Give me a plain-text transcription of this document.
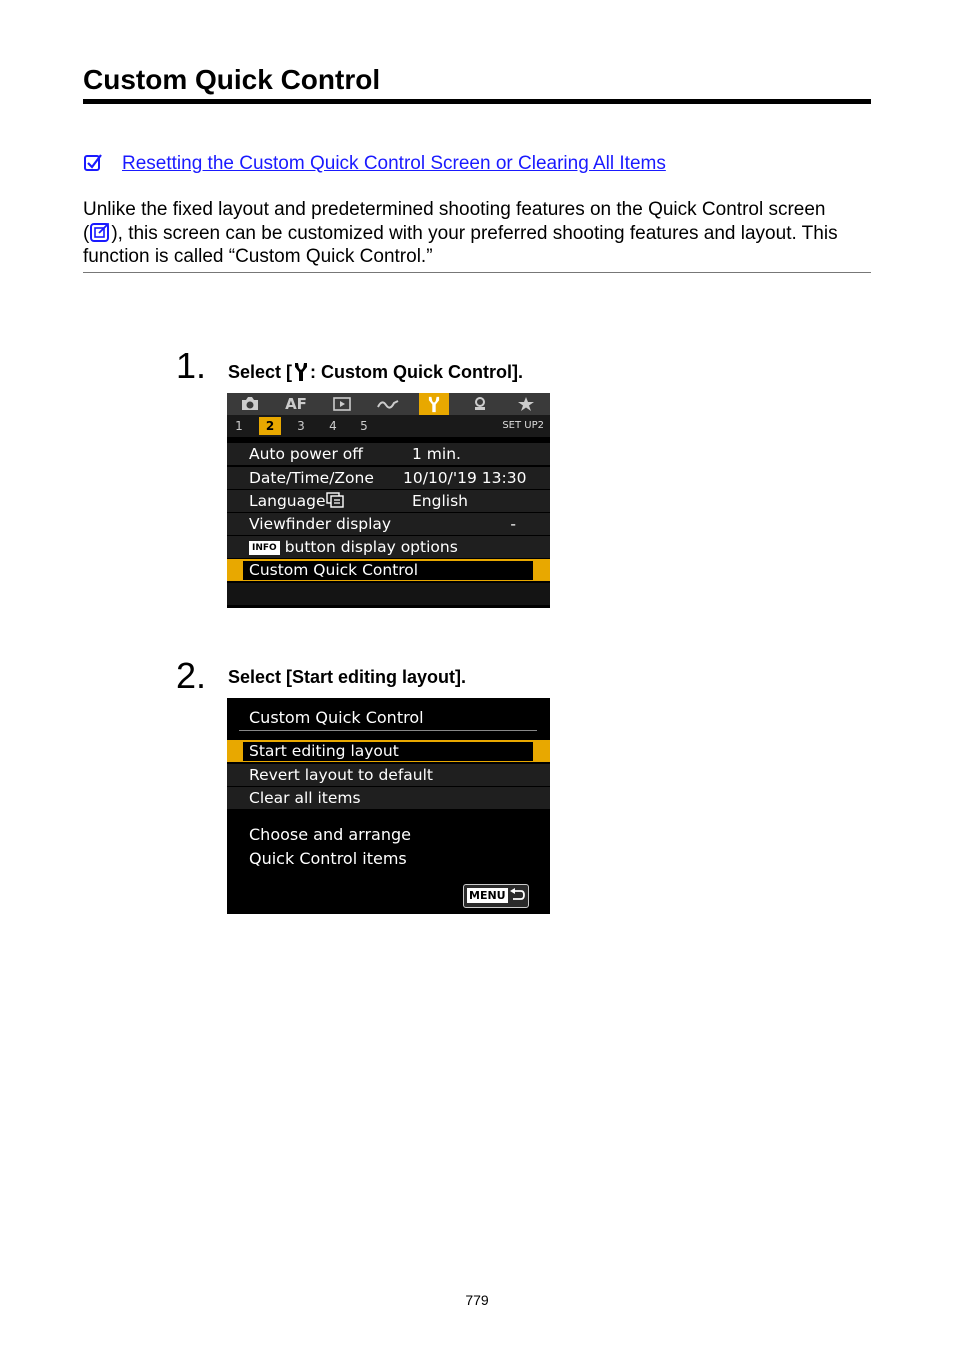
Custom Quick Control
Resetting the Custom Quick Control Screen or Clearing All Items

Unlike the fixed layout and predetermined shooting features on the Quick Control screen
( ), this screen can be customized with your preferred shooting features and layout. This
function is called “Custom Quick Control.”

1. Select [ : Custom Quick Control].
AF
1	2	3	4	5	SET UP2
Auto power off	1 min.
Date/Time/Zone 10/10/'19 13:30
Language	English
Viewfinder display	-
INFO button display options
Custom Quick Control
2. Select [Start editing layout].
Custom Quick Control
Start editing layout
Revert layout to default
Clear all items
Choose and arrange
Quick Control items
MENU
779
